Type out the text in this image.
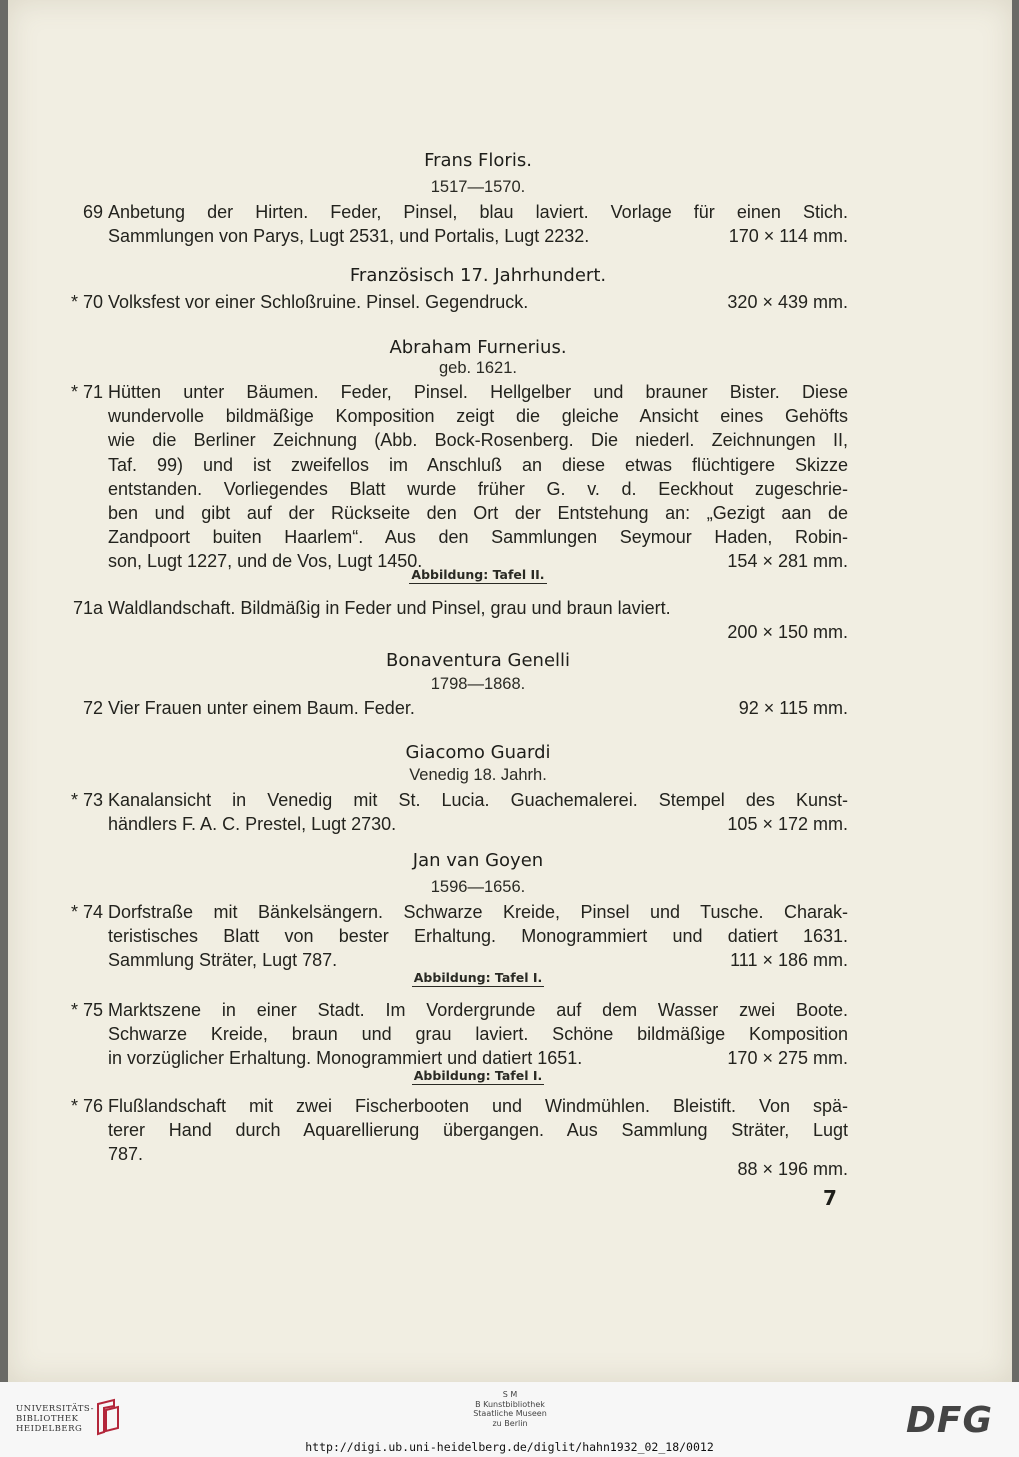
Frans Floris.
1517—1570.
69 Anbetung der Hirten. Feder, Pinsel, blau laviert. Vorlage für einen Stich.
Sammlungen von Parys, Lugt 2531, und Portalis, Lugt 2232.	170 × 114 mm.
Französisch 17. Jahrhundert.
* 70 Volksfest vor einer Schloßruine. Pinsel. Gegendruck.	320 × 439 mm.
Abraham Furnerius.
geb. 1621.
* 71 Hütten unter Bäumen. Feder, Pinsel. Hellgelber und brauner Bister. Diese
wundervolle bildmäßige Komposition zeigt die gleiche Ansicht eines Gehöfts
wie die Berliner Zeichnung (Abb. Bock-Rosenberg. Die niederl. Zeichnungen II,
Taf. 99) und ist zweifellos im Anschluß an diese etwas flüchtigere Skizze
entstanden. Vorliegendes Blatt wurde früher G. v. d. Eeckhout zugeschrie-
ben und gibt auf der Rückseite den Ort der Entstehung an: „Gezigt aan de
Zandpoort buiten Haarlem“. Aus den Sammlungen Seymour Haden, Robin-
son, Lugt 1227, und de Vos, Lugt 1450.	154 × 281 mm.
Abbildung: Tafel II.
71a Waldlandschaft. Bildmäßig in Feder und Pinsel, grau und braun laviert.
200 × 150 mm.
Bonaventura Genelli
1798—1868.
72 Vier Frauen unter einem Baum. Feder.	92 × 115 mm.
Giacomo Guardi
Venedig 18. Jahrh.
* 73 Kanalansicht in Venedig mit St. Lucia. Guachemalerei. Stempel des Kunst-
händlers F. A. C. Prestel, Lugt 2730.	105 × 172 mm.
Jan van Goyen
1596—1656.
* 74 Dorfstraße mit Bänkelsängern. Schwarze Kreide, Pinsel und Tusche. Charak-
teristisches Blatt von bester Erhaltung. Monogrammiert und datiert 1631.
Sammlung Sträter, Lugt 787.	111 × 186 mm.
Abbildung: Tafel I.
* 75 Marktszene in einer Stadt. Im Vordergrunde auf dem Wasser zwei Boote.
Schwarze Kreide, braun und grau laviert. Schöne bildmäßige Komposition
in vorzüglicher Erhaltung. Monogrammiert und datiert 1651.	170 × 275 mm.
Abbildung: Tafel I.
* 76 Flußlandschaft mit zwei Fischerbooten und Windmühlen. Bleistift. Von spä-
terer Hand durch Aquarellierung übergangen. Aus Sammlung Sträter, Lugt
787.
88 × 196 mm.
7
UNIVERSITÄTS-
BIBLIOTHEK
HEIDELBERG
S M
B Kunstbibliothek
Staatliche Museen
zu Berlin	DFG
http://digi.ub.uni-heidelberg.de/diglit/hahn1932_02_18/0012
